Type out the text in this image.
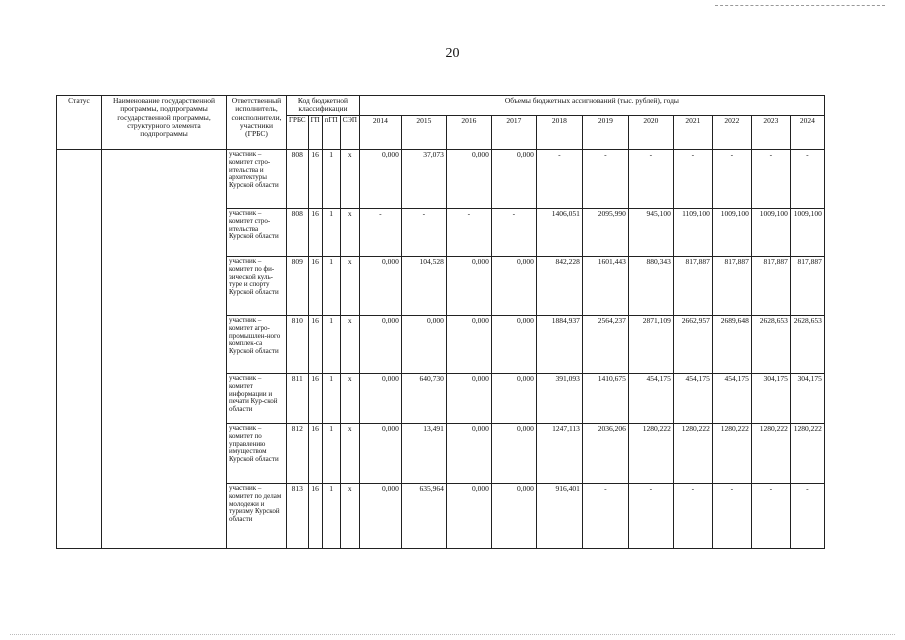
20
Статус	Наименование государственной программы, подпрограммы государственной программы, структурного элемента подпрограммы	Ответственный исполнитель, соисполнители, участники (ГРБС)	Код бюджетной классификации				Объемы бюджетных ассигнований (тыс. рублей), годы										
			ГРБС	ГП	пГП	СЭП	2014	2015	2016	2017	2018	2019	2020	2021	2022	2023	2024
		участник – комитет стро-ительства и архитектуры Курской области	808	16	1	х	0,000	37,073	0,000	0,000	-	-	-	-	-	-	-
		участник – комитет стро-ительства Курской области	808	16	1	х	-	-	-	-	1406,051	2095,990	945,100	1109,100	1009,100	1009,100	1009,100
		участник – комитет по фи-зической куль-туре и спорту Курской области	809	16	1	х	0,000	104,528	0,000	0,000	842,228	1601,443	880,343	817,887	817,887	817,887	817,887
		участник – комитет агро-промышлен-ного комплек-са Курской области	810	16	1	х	0,000	0,000	0,000	0,000	1884,937	2564,237	2871,109	2662,957	2689,648	2628,653	2628,653
		участник – комитет информации и печати Кур-ской области	811	16	1	х	0,000	640,730	0,000	0,000	391,093	1410,675	454,175	454,175	454,175	304,175	304,175
		участник – комитет по управлению имуществом Курской области	812	16	1	х	0,000	13,491	0,000	0,000	1247,113	2036,206	1280,222	1280,222	1280,222	1280,222	1280,222
		участник – комитет по делам молодежи и туризму Курской области	813	16	1	х	0,000	635,964	0,000	0,000	916,401	-	-	-	-	-	-
